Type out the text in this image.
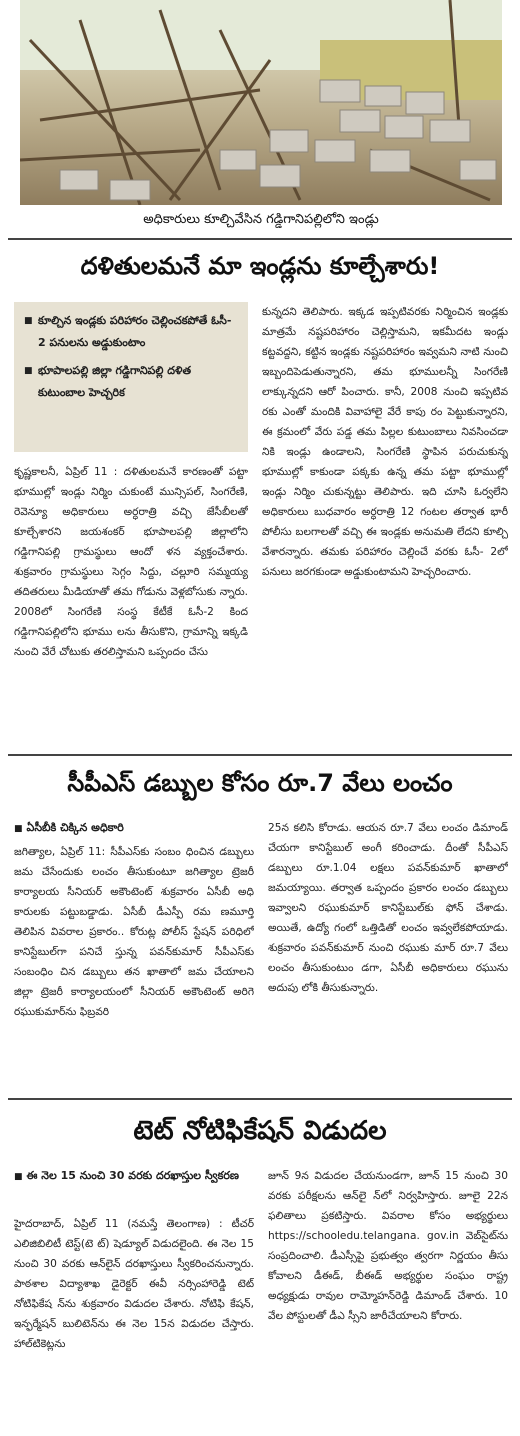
అధికారులు కూల్చివేసిన గడ్డిగానిపల్లిలోని ఇండ్లు
దళితులమనే మా ఇండ్లను కూల్చేశారు!
■ కూల్చిన ఇండ్లకు పరిహారం చెల్లించకపోతే ఓసీ- 2 పనులను అడ్డుకుంటాం
■ భూపాలపల్లి జిల్లా గడ్డిగానిపల్లి దళిత కుటుంబాల హెచ్చరిక

కృష్ణకాలనీ, ఏప్రిల్ 11 : దళితులమనే కారణంతో పట్టా భూముల్లో ఇండ్లు నిర్మిం చుకుంటే మున్సిపల్, సింగరేణి, రెవెన్యూ అధికారులు అర్ధరాత్రి వచ్చి జేసీబీలతో కూల్చేశారని జయశంకర్ భూపాలపల్లి జిల్లాలోని గడ్డిగానిపల్లి గ్రామస్థులు ఆందో ళన వ్యక్తంచేశారు. శుక్రవారం గ్రామస్థులు సెగ్గం సిద్దు, చల్లూరి సమ్మయ్య తదితరులు మీడియాతో తమ గోడును వెళ్లబోసుకు న్నారు. 2008లో సింగరేణి సంస్థ కేటీకే ఓసీ-2 కింద గడ్డిగానిపల్లిలోని భూము లను తీసుకొని, గ్రామాన్ని ఇక్కడి నుంచి వేరే చోటుకు తరలిస్తామని ఒప్పందం చేసు

కున్నదని తెలిపారు. ఇక్కడ ఇప్పటివరకు నిర్మించిన ఇండ్లకు మాత్రమే నష్టపరిహారం చెల్లిస్తామని, ఇకమీదట ఇండ్లు కట్టవద్దని, కట్టిన ఇండ్లకు నష్టపరిహారం ఇవ్వమని నాటి నుంచి ఇబ్బందిపెడుతున్నారని, తమ భూములన్నీ సింగరేణి లాక్కున్నదని ఆరో పించారు. కానీ, 2008 నుంచి ఇప్పటివ రకు ఎంతో మందికి వివాహాలై వేరే కాపు రం పెట్టుకున్నారని, ఈ క్రమంలో వేరు పడ్డ తమ పిల్లల కుటుంబాలు నివసించడా నికి ఇండ్లు ఉండాలని, సింగరేణి స్థాపిన పరుచుకున్న భూముల్లో కాకుండా పక్కకు ఉన్న తమ పట్టా భూముల్లో ఇండ్లు నిర్మిం చుకున్నట్టు తెలిపారు. ఇది చూసి ఓర్వలేని అధికారులు బుధవారం అర్ధరాత్రి 12 గంటల తర్వాత భారీ పోలీసు బలగాలతో వచ్చి ఈ ఇండ్లకు అనుమతి లేదని కూల్చి వేశారన్నారు. తమకు పరిహారం చెల్లించే వరకు ఓసీ- 2లో పనులు జరగకుండా అడ్డుకుంటామని హెచ్చరించారు.

సీపీఎస్ డబ్బుల కోసం రూ.7 వేలు లంచం
■ ఏసీబీకి చిక్కిన అధికారి

జగిత్యాల, ఏప్రిల్ 11: సీపీఎస్‌కు సంబం ధించిన డబ్బులు జమ చేసేందుకు లంచం తీసుకుంటూ జగిత్యాల ట్రెజరీ కార్యాలయ సీనియర్ అకౌంటెంట్ శుక్రవారం ఏసీబీ అధి కారులకు పట్టుబడ్డాడు. ఏసీబీ డీఎస్పీ రమ ణమూర్తి తెలిపిన వివరాల ప్రకారం.. కోరుట్ల పోలీస్ స్టేషన్ పరిధిలో కానిస్టేబుల్‌గా పనిచే స్తున్న పవన్‌కుమార్ సీపీఎస్‌కు సంబంధిం చిన డబ్బులు తన ఖాతాలో జమ చేయాలని జిల్లా ట్రెజరీ కార్యాలయంలో సీనియర్ అకౌంటెంట్ అరిగె రఘుకుమార్‌ను ఫిబ్రవరి

25న కలిసి కోరాడు. ఆయన రూ.7 వేలు లంచం డిమాండ్ చేయగా కానిస్టేబుల్ అంగీ కరించాడు. దీంతో సీపీఎస్ డబ్బులు రూ.1.04 లక్షలు పవన్‌కుమార్ ఖాతాలో జమయ్యాయి. తర్వాత ఒప్పందం ప్రకారం లంచం డబ్బులు ఇవ్వాలని రఘుకుమార్ కానిస్టేబుల్‌కు ఫోన్ చేశాడు. అయితే, ఉద్యో గంలో ఒత్తిడితో లంచం ఇవ్వలేకపోయాడు. శుక్రవారం పవన్‌కుమార్ నుంచి రఘుకు మార్ రూ.7 వేలు లంచం తీసుకుంటుం డగా, ఏసీబీ అధికారులు రఘును అదుపు లోకి తీసుకున్నారు.

టెట్ నోటిఫికేషన్ విడుదల
■ ఈ నెల 15 నుంచి 30 వరకు దరఖాస్తుల స్వీకరణ

హైదరాబాద్, ఏప్రిల్ 11 (నమస్తే తెలంగాణ) : టీచర్ ఎలిజిబిలిటీ టెస్ట్(టె ట్) షెడ్యూల్ విడుదలైంది. ఈ నెల 15 నుంచి 30 వరకు ఆన్‌లైన్ దరఖాస్తులు స్వీకరించనున్నారు. పాఠశాల విద్యాశాఖ డైరెక్టర్ ఈవీ నర్సింహారెడ్డి టెట్ నోటిఫికేష న్‌ను శుక్రవారం విడుదల చేశారు. నోటిఫి కేషన్, ఇన్ఫర్మేషన్ బులిటెన్‌ను ఈ నెల 15న విడుదల చేస్తారు. హాల్‌టికెట్లను

జూన్ 9న విడుదల చేయనుండగా, జూన్ 15 నుంచి 30 వరకు పరీక్షలను ఆన్‌లై న్‌లో నిర్వహిస్తారు. జూలై 22న ఫలితాలు ప్రకటిస్తారు. వివరాల కోసం అభ్యర్థులు https://schooledu.telangana. gov.in వెబ్‌సైట్‌ను సంప్రదించాలి. డీఎస్సీపై ప్రభుత్వం త్వరగా నిర్ణయం తీసు కోవాలని డీఈడ్, బీఈడ్ అభ్యర్థుల సంఘం రాష్ట్ర అధ్యక్షుడు రావుల రామ్మోహన్‌రెడ్డి డిమాండ్ చేశారు. 10 వేల పోస్టులతో డీఎ స్సీని జారీచేయాలని కోరారు.
